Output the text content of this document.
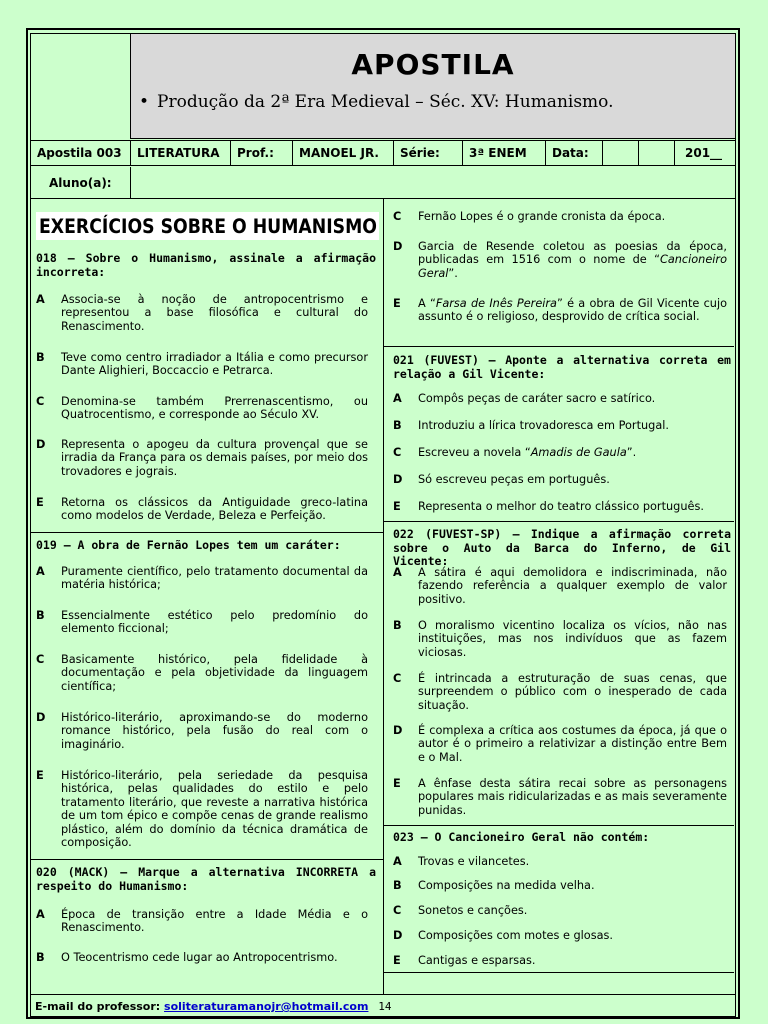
APOSTILA
• Produção da 2ª Era Medieval – Séc. XV: Humanismo.
Apostila 003	LITERATURA	Prof.:	MANOEL JR.	Série:	3ª ENEM	Data:	201__
Aluno(a):
EXERCÍCIOS SOBRE O HUMANISMO
018 – Sobre o Humanismo, assinale a afirmação incorreta:
A Associa-se à noção de antropocentrismo e representou a base filosófica e cultural do Renascimento.
B Teve como centro irradiador a Itália e como precursor Dante Alighieri, Boccaccio e Petrarca.
C Denomina-se também Prerrenascentismo, ou Quatrocentismo, e corresponde ao Século XV.
D Representa o apogeu da cultura provençal que se irradia da França para os demais países, por meio dos trovadores e jograis.
E Retorna os clássicos da Antiguidade greco-latina como modelos de Verdade, Beleza e Perfeição.
019 – A obra de Fernão Lopes tem um caráter:
A Puramente científico, pelo tratamento documental da matéria histórica;
B Essencialmente estético pelo predomínio do elemento ficcional;
C Basicamente histórico, pela fidelidade à documentação e pela objetividade da linguagem científica;
D Histórico-literário, aproximando-se do moderno romance histórico, pela fusão do real com o imaginário.
E Histórico-literário, pela seriedade da pesquisa histórica, pelas qualidades do estilo e pelo tratamento literário, que reveste a narrativa histórica de um tom épico e compõe cenas de grande realismo plástico, além do domínio da técnica dramática de composição.
020 (MACK) – Marque a alternativa INCORRETA a respeito do Humanismo:
A Época de transição entre a Idade Média e o Renascimento.
B O Teocentrismo cede lugar ao Antropocentrismo.
C Fernão Lopes é o grande cronista da época.
D Garcia de Resende coletou as poesias da época, publicadas em 1516 com o nome de “Cancioneiro Geral”.
E A “Farsa de Inês Pereira” é a obra de Gil Vicente cujo assunto é o religioso, desprovido de crítica social.
021 (FUVEST) – Aponte a alternativa correta em relação a Gil Vicente:
A Compôs peças de caráter sacro e satírico.
B Introduziu a lírica trovadoresca em Portugal.
C Escreveu a novela “Amadis de Gaula”.
D Só escreveu peças em português.
E Representa o melhor do teatro clássico português.
022 (FUVEST-SP) – Indique a afirmação correta sobre o Auto da Barca do Inferno, de Gil Vicente:
A A sátira é aqui demolidora e indiscriminada, não fazendo referência a qualquer exemplo de valor positivo.
B O moralismo vicentino localiza os vícios, não nas instituições, mas nos indivíduos que as fazem viciosas.
C É intrincada a estruturação de suas cenas, que surpreendem o público com o inesperado de cada situação.
D É complexa a crítica aos costumes da época, já que o autor é o primeiro a relativizar a distinção entre Bem e o Mal.
E A ênfase desta sátira recai sobre as personagens populares mais ridicularizadas e as mais severamente punidas.
023 – O Cancioneiro Geral não contém:
A Trovas e vilancetes.
B Composições na medida velha.
C Sonetos e canções.
D Composições com motes e glosas.
E Cantigas e esparsas.
E-mail do professor: soliteraturamanojr@hotmail.com 14
